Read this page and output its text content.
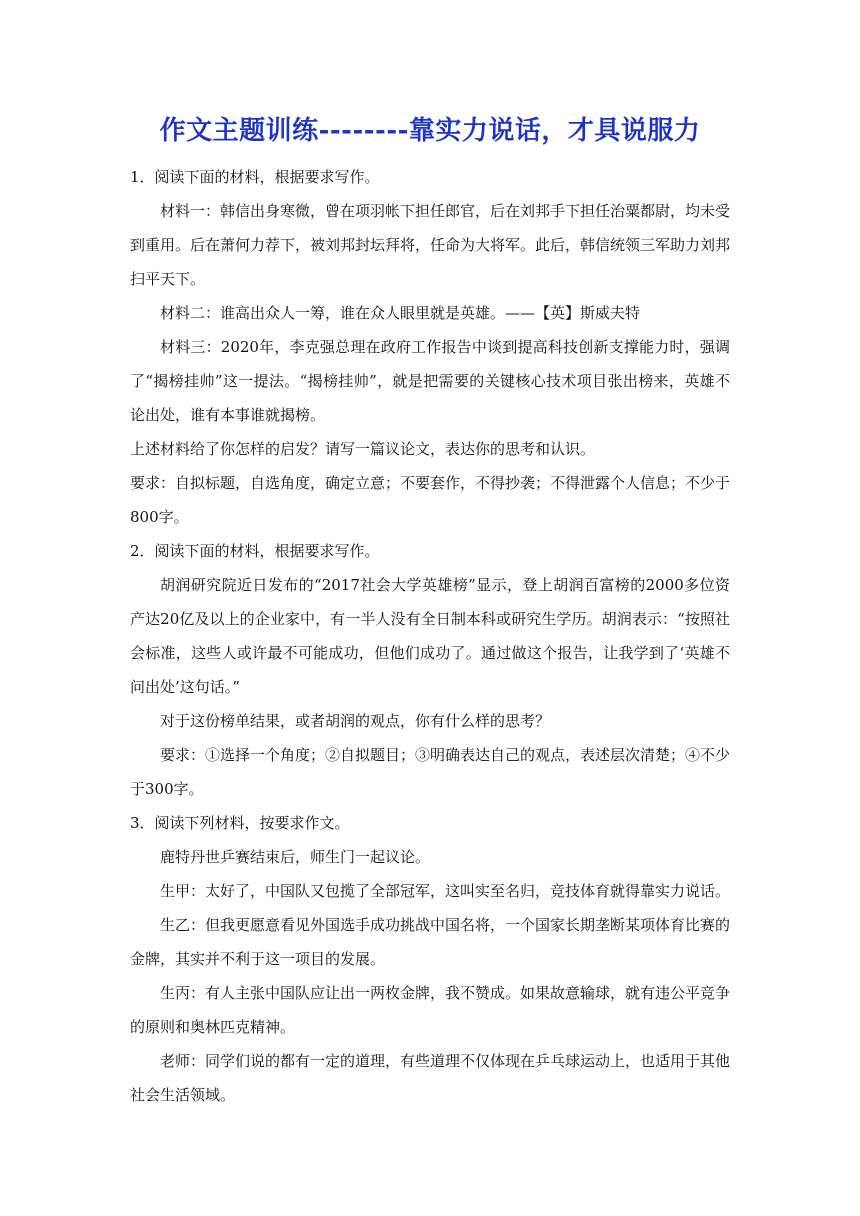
作文主题训练--------靠实力说话，才具说服力

1．阅读下面的材料，根据要求写作。

材料一：韩信出身寒微，曾在项羽帐下担任郎官，后在刘邦手下担任治粟都尉，均未受到重用。后在萧何力荐下，被刘邦封坛拜将，任命为大将军。此后，韩信统领三军助力刘邦扫平天下。

材料二：谁高出众人一筹，谁在众人眼里就是英雄。——【英】斯威夫特

材料三：2020年，李克强总理在政府工作报告中谈到提高科技创新支撑能力时，强调了“揭榜挂帅”这一提法。“揭榜挂帅”，就是把需要的关键核心技术项目张出榜来，英雄不论出处，谁有本事谁就揭榜。

上述材料给了你怎样的启发？请写一篇议论文，表达你的思考和认识。

要求：自拟标题，自选角度，确定立意；不要套作，不得抄袭；不得泄露个人信息；不少于800字。

2．阅读下面的材料，根据要求写作。

胡润研究院近日发布的“2017社会大学英雄榜”显示，登上胡润百富榜的2000多位资产达20亿及以上的企业家中，有一半人没有全日制本科或研究生学历。胡润表示：“按照社会标准，这些人或许最不可能成功，但他们成功了。通过做这个报告，让我学到了‘英雄不问出处’这句话。”

对于这份榜单结果，或者胡润的观点，你有什么样的思考？

要求：①选择一个角度；②自拟题目；③明确表达自己的观点，表述层次清楚；④不少于300字。

3．阅读下列材料，按要求作文。

鹿特丹世乒赛结束后，师生门一起议论。

生甲：太好了，中国队又包揽了全部冠军，这叫实至名归，竞技体育就得靠实力说话。

生乙：但我更愿意看见外国选手成功挑战中国名将，一个国家长期垄断某项体育比赛的金牌，其实并不利于这一项目的发展。

生丙：有人主张中国队应让出一两枚金牌，我不赞成。如果故意输球，就有违公平竞争的原则和奥林匹克精神。

老师：同学们说的都有一定的道理，有些道理不仅体现在乒乓球运动上，也适用于其他社会生活领域。
